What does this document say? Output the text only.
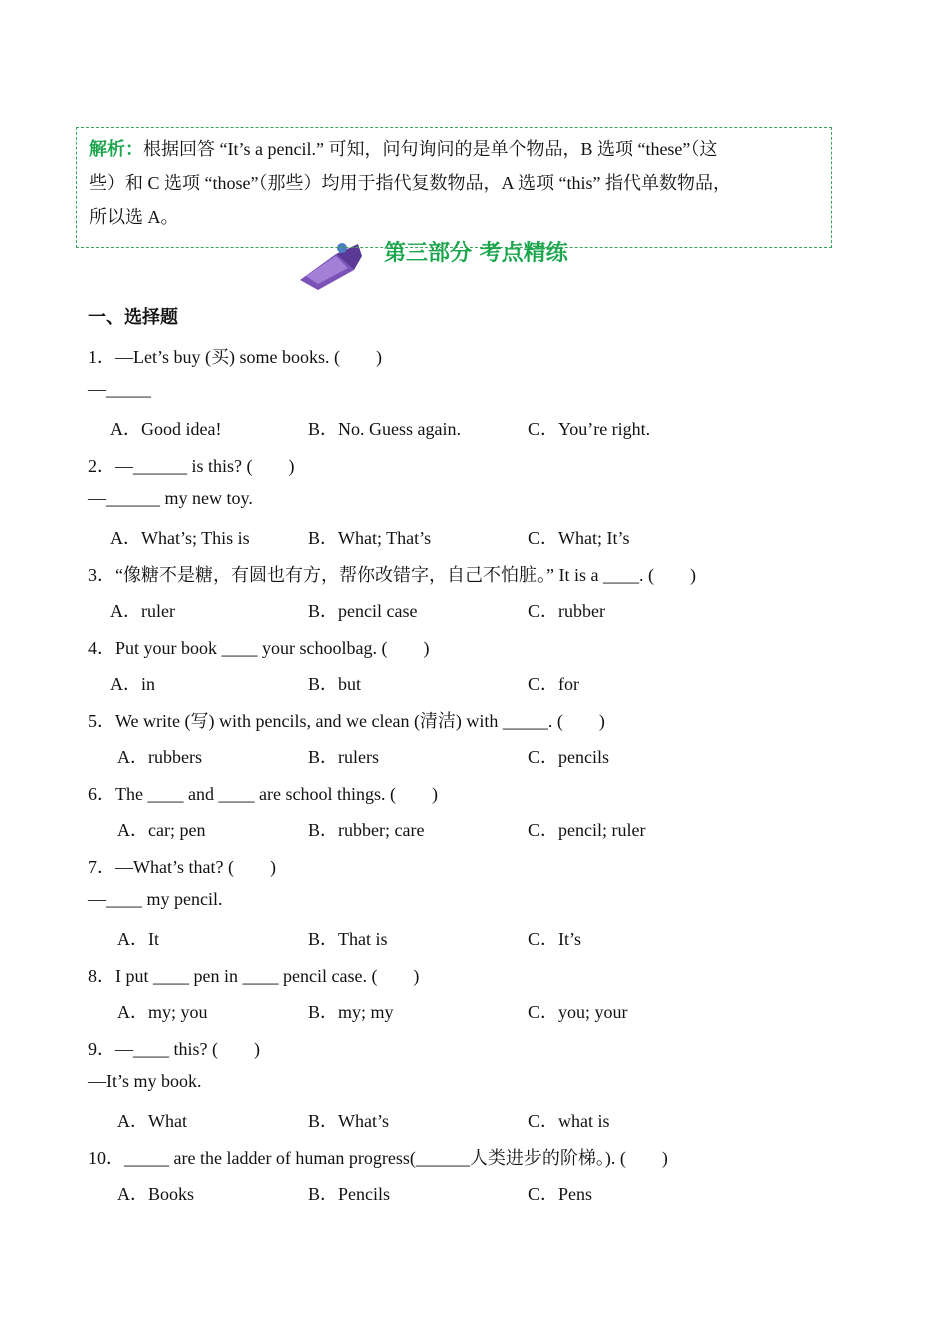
第三部分 考点精练
解析：根据回答 “It’s a pencil.” 可知，问句询问的是单个物品，B 选项 “these”（这
些）和 C 选项 “those”（那些）均用于指代复数物品，A 选项 “this” 指代单数物品，
所以选 A。
一、选择题
1．—Let’s buy (买) some books. (　　)
—_____
A．Good idea!	B．No. Guess again.	C．You’re right.
2．—______ is this? (　　)
—______ my new toy.
A．What’s; This is	B．What; That’s	C．What; It’s
3．“像糖不是糖，有圆也有方，帮你改错字，自己不怕脏。” It is a ____. (　　)
A．ruler	B．pencil case	C．rubber
4．Put your book ____ your schoolbag. (　　)
A．in	B．but	C．for
5．We write (写) with pencils, and we clean (清洁) with _____. (　　)
A．rubbers	B．rulers	C．pencils
6．The ____ and ____ are school things. (　　)
A．car; pen	B．rubber; care	C．pencil; ruler
7．—What’s that? (　　)
—____ my pencil.
A．It	B．That is	C．It’s
8．I put ____ pen in ____ pencil case. (　　)
A．my; you	B．my; my	C．you; your
9．—____ this? (　　)
—It’s my book.
A．What	B．What’s	C．what is
10．_____ are the ladder of human progress(______人类进步的阶梯。). (　　)
A．Books	B．Pencils	C．Pens
